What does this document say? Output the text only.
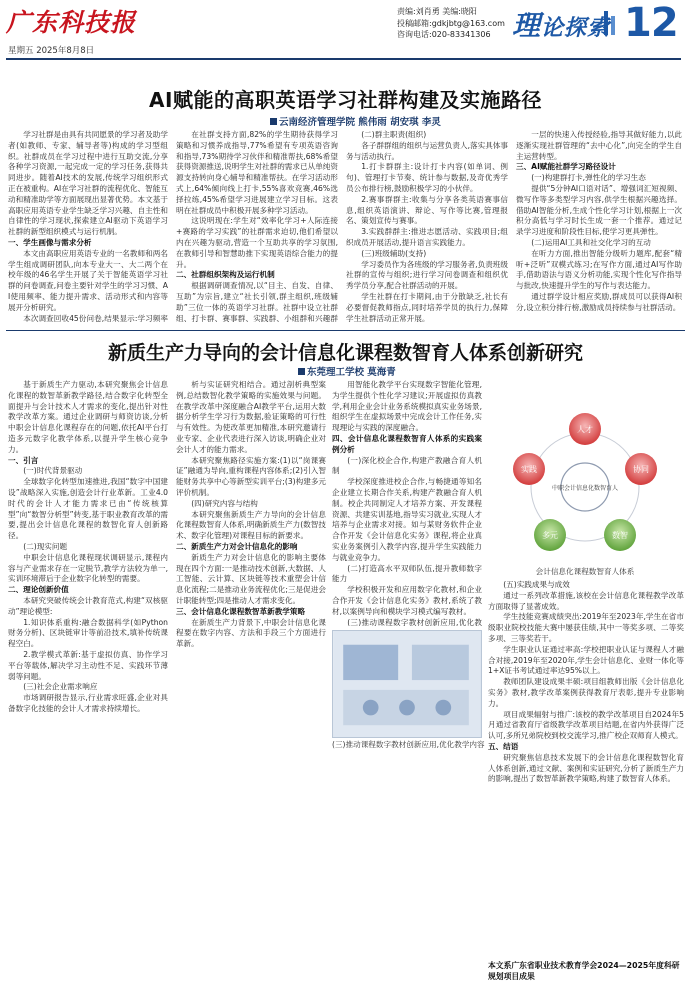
广东科技报
星期五 2025年8月8日
责编:刘肖勇 美编:晓阳
投稿邮箱:gdkjbtg@163.com
咨询电话:020-83341306 理论探索 12
AI赋能的高职英语学习社群构建及实施路径
云南经济管理学院 熊伟雨 胡安琪 李灵

学习社群是由具有共同愿景的学习者及助学者(如教师、专家、辅导者等)构成的学习型组织。社群成员在学习过程中进行互助交流,分享各种学习资源,一起完成一定的学习任务,获得共同进步。随着AI技术的发展,传统学习组织形式正在被重构。AI在学习社群的流程优化、智能互动和精准助学等方面展现出显著优势。本文基于高职应用英语专业学生缺乏学习兴趣、自主性和自律性的学习现状,探索建立AI驱动下英语学习社群的新型组织模式与运行机制。

一、学生画像与需求分析

本文由高职应用英语专业的一名教师和两名学生组成调研团队,向本专业大一、大二两个在校年级的46名学生开展了关于智能英语学习社群的问卷调查,问卷主要针对学生的学习习惯、AI使用频率、能力提升需求、活动形式和内容等展开分析研究。

本次调查回收45份问卷,结果显示:学习频率

在社群支持方面,82%的学生期待获得学习策略和习惯养成指导,77%希望有专项英语咨询和指导,73%期待学习伙伴和精准帮扶,68%希望获得资源推送,说明学生对社群的需求已从单纯资源支持转向身心辅导和精准帮扶。在学习活动形式上,64%倾向线上打卡,55%喜欢竞赛,46%选择拉练,45%希望学习进展建立学习目标。这表明在社群成员中积极开展多种学习活动。

这说明现在:学生对“效率化学习+人际连接+赛路的学习实践”的社群需求迫切,他们希望以内在兴趣为驱动,营造一个互助共享的学习氛围,在教师引导和智慧助推下实现英语综合能力的提升。

二、社群组织架构及运行机制

根据调研调查情况,以“目主、自发、自律、互助”为宗旨,建立“社长引领,群主组织,班级辅助”三位一体的英语学习社群。社群中设立社群组、打卡群、赛事群、实践群、小组群和兴趣群

(二)群主职责(组织)

各子群群组的组织与运营负责人,落实具体事务与活动执行。

1.打卡群群主:设计打卡内容(如单词、例句)、管理打卡节奏、统计参与数据,及奇优秀学员公布排行榜,鼓励积极学习的小伙伴。

2.赛事群群主:收集与分享各类英语赛事信息,组织英语演讲、辩论、写作等比赛,管理报名、策划宣传与赛事。

3.实践群群主:推进志愿活动、实践项目;组织成员开展活动,提升语言实践能力。

(三)班级辅助(支持)

学习委员作为各班级的学习服务者,负责班级社群的宣传与组织;进行学习问卷调查和组织优秀学员分享,配合社群活动的开展。

学生社群在打卡期间,由于分散缺乏,社长有必要督促教师指点,同时培养学员的执行力,保障学生社群活动正常开展。

一层的快速入传授经验,指导其做好能力,以此逐渐实现社群管理的“去中心化”,向完全的学生自主运营转型。

三、AI赋能社群学习路径设计

(一)构建群打卡,弹性化的学习生态

提供“5分钟AI口语对话”、增强词汇短视频、微写作等多类型学习内容,供学生根据兴趣选择。借助AI智能分析,生成个性化学习计划,根据上一次积分高低与学习时长生成一套一个推荐。通过记录学习进度和阶段性目标,使学习更具弹性。

(二)运用AI工具和社交化学习的互动

在听力方面,推出智能分级听力题库,配套“精听+泛听”双模式练习;在写作方面,通过AI写作助手,借助语法与语义分析功能,实现个性化写作指导与批改,快速提升学生的写作与表达能力。

通过群学设计相应奖励,群成员可以获得AI积分,设立积分排行榜,激励成员持续参与社群活动。

新质生产力导向的会计信息化课程数智育人体系创新研究
东莞理工学校 莫海青

基于新质生产力驱动,本研究聚焦会计信息化课程的数智革新教学路径,结合数字化转型全面提升与会计技术人才需求的变化,提出针对性教学改革方案。通过企业调研与师资访谈,分析中职会计信息化课程存在的问题,依托AI平台打造多元数字化教学体系,以提升学生核心竞争力。

一、引言

(一)时代背景驱动

全球数字化转型加速推进,我国“数字中国建设”战略深入实施,创造会计行业革新。工业4.0时代的会计人才能力需求已由“传统核算型”向“数智分析型”转变,基于职业教育改革的需要,提出会计信息化课程的数智化育人创新路径。

(二)现实问题

中职会计信息化课程现状调研显示,课程内容与产业需求存在一定脱节,教学方法较为单一,实训环境滞后于企业数字化转型的需要。

二、理论创新价值

本研究突破传统会计教育范式,构建“双核驱动”理论模型:

1.知识体系重构:融合数据科学(如Python财务分析)、区块链审计等前沿技术,填补传统课程空白。

2.教学模式革新:基于虚拟仿真、协作学习平台等载体,解决学习主动性不足、实践环节薄弱等问题。

(三)社会企业需求响应

市场调研报告显示,行业需求旺盛,企业对具备数字化技能的会计人才需求持续增长。

析与实证研究相结合。通过剖析典型案例,总结数智化教学策略的实施效果与问题。在教学改革中深度融合AI教学平台,运用大数据分析学生学习行为数据,验证策略的可行性与有效性。为使改革更加精准,本研究邀请行业专家、企业代表进行深入访谈,明确企业对会计人才的能力需求。

本研究聚焦路径实施方案:(1)以“岗课赛证”融通为导向,重构课程内容体系;(2)引入智能财务共享中心等新型实训平台;(3)构建多元评价机制。

(四)研究内容与结构

本研究聚焦新质生产力导向的会计信息化课程数智育人体系,明确新质生产力(数智技术、数字化管理)对课程目标的新要求。

二、新质生产力对会计信息化的影响

新质生产力对会计信息化的影响主要体现在四个方面:一是推动技术创新,大数据、人工智能、云计算、区块链等技术重塑会计信息化流程;二是推动业务流程优化;三是促进会计职能转型;四是推动人才需求变化。

三、会计信息化课程数智革新教学策略

在新质生产力背景下,中职会计信息化课程要在数字内容、方法和手段三个方面进行革新。

用智能化教学平台实现数字智能化管理,为学生提供个性化学习建议;开展虚拟仿真教学,利用企业会计业务系统模拟真实业务场景,组织学生在虚拟场景中完成会计工作任务,实现理论与实践的深度融合。

四、会计信息化课程数智育人体系的实践案例分析

(一)深化校企合作,构建产教融合育人机制

学校深度推进校企合作,与畅捷通等知名企业建立长期合作关系,构建产教融合育人机制。校企共同制定人才培养方案、开发课程资源、共建实训基地,指导实习就业,实现人才培养与企业需求对接。如与某财务软件企业合作开发《会计信息化实务》课程,将企业真实业务案例引入教学内容,提升学生实践能力与就业竞争力。

(二)打造高水平双师队伍,提升教师数字能力

学校积极开发和应用数字化教材,和企业合作开发《会计信息化实务》教材,系统了教材,以案例导向和模块学习模式编写教材。

(三)推动课程数字教材创新应用,优化教

(五)实践成果与成效

通过一系列改革措施,该校在会计信息化课程教学改革方面取得了显著成效。

学生技能竞赛成绩突出:2019年至2023年,学生在省市级职业院校技能大赛中屡获佳绩,其中一等奖多项、二等奖多项、三等奖若干。

学生职业认证通过率高:学校把职业认证与课程人才融合对接,2019年至2020年,学生会计信息化、业财一体化等1+X证书考试通过率达95%以上。

教师团队建设成果丰硕:项目组教师出版《会计信息化实务》教材,教学改革案例获得教育厅表彰,提升专业影响力。

项目成果辐射与推广:该校的教学改革项目自2024年5月通过省教育厅省级教学改革项目结题,在省内外获得广泛认可,多所兄弟院校到校交流学习,推广校企双师育人模式。

五、结语

研究聚焦信息技术发展下的会计信息化课程数智化育人体系创新,通过文献、案例和实证研究,分析了新质生产力的影响,提出了数智革新教学策略,构建了数智育人体系。

人才
协同
数智
多元
实践
中职会计信息化数智育人
会计信息化课程数智育人体系
(三)推动课程数字教材创新应用,优化教学内容
本文系广东省职业技术教育学会2024—2025年度科研规划项目成果
